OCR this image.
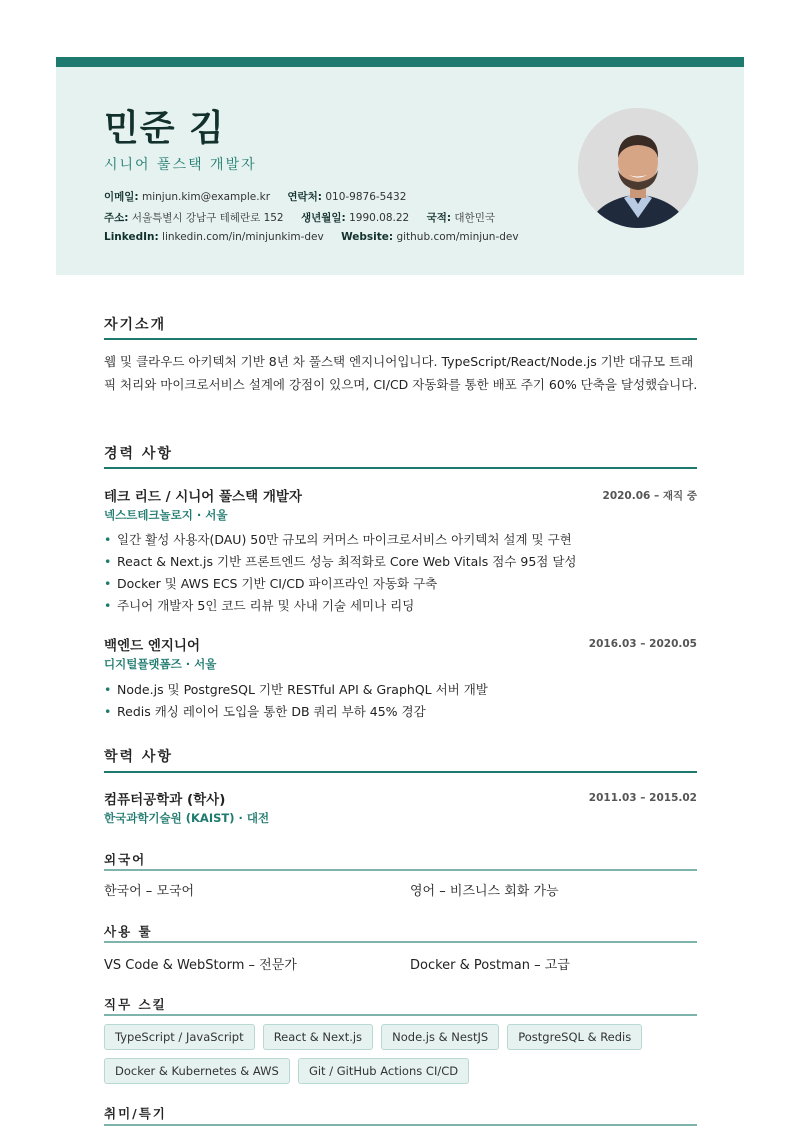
민준 김
시니어 풀스택 개발자
이메일: minjun.kim@example.kr 연락처: 010-9876-5432
주소: 서울특별시 강남구 테헤란로 152 생년월일: 1990.08.22 국적: 대한민국
LinkedIn: linkedin.com/in/minjunkim-dev Website: github.com/minjun-dev
자기소개

웹 및 클라우드 아키텍처 기반 8년 차 풀스택 엔지니어입니다. TypeScript/React/Node.js 기반 대규모 트래픽 처리와 마이크로서비스 설계에 강점이 있으며, CI/CD 자동화를 통한 배포 주기 60% 단축을 달성했습니다.

경력 사항
테크 리드 / 시니어 풀스택 개발자	2020.06 – 재직 중
넥스트테크놀로지 · 서울
• 일간 활성 사용자(DAU) 50만 규모의 커머스 마이크로서비스 아키텍처 설계 및 구현
• React & Next.js 기반 프론트엔드 성능 최적화로 Core Web Vitals 점수 95점 달성
• Docker 및 AWS ECS 기반 CI/CD 파이프라인 자동화 구축
• 주니어 개발자 5인 코드 리뷰 및 사내 기술 세미나 리딩
백엔드 엔지니어	2016.03 – 2020.05
디지털플랫폼즈 · 서울
• Node.js 및 PostgreSQL 기반 RESTful API & GraphQL 서버 개발
• Redis 캐싱 레이어 도입을 통한 DB 쿼리 부하 45% 경감
학력 사항
컴퓨터공학과 (학사)	2011.03 – 2015.02
한국과학기술원 (KAIST) · 대전
외국어
한국어 – 모국어	영어 – 비즈니스 회화 가능
사용 툴
VS Code & WebStorm – 전문가	Docker & Postman – 고급
직무 스킬
TypeScript / JavaScript	React & Next.js	Node.js & NestJS	PostgreSQL & Redis
Docker & Kubernetes & AWS	Git / GitHub Actions CI/CD
취미/특기
